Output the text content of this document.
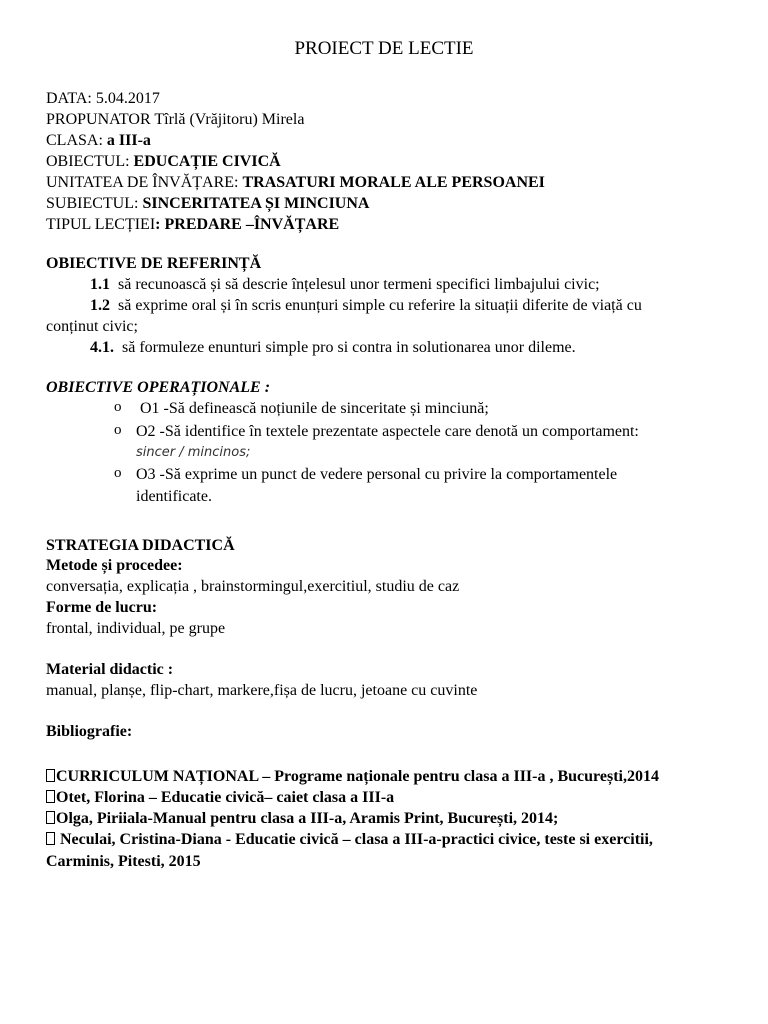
PROIECT DE LECTIE
DATA: 5.04.2017
PROPUNATOR Tîrlă (Vrăjitoru) Mirela
CLASA: a III-a
OBIECTUL: EDUCAȚIE CIVICĂ
UNITATEA DE ÎNVĂȚARE: TRASATURI MORALE ALE PERSOANEI
SUBIECTUL: SINCERITATEA ȘI MINCIUNA
TIPUL LECȚIEI: PREDARE –ÎNVĂȚARE
OBIECTIVE DE REFERINȚĂ
1.1 să recunoască și să descrie înțelesul unor termeni specifici limbajului civic;
1.2 să exprime oral și în scris enunțuri simple cu referire la situații diferite de viață cu
conținut civic;
4.1. să formuleze enunturi simple pro si contra in solutionarea unor dileme.
OBIECTIVE OPERAȚIONALE :
o O1 -Să definească noțiunile de sinceritate și minciună;
o O2 -Să identifice în textele prezentate aspectele care denotă un comportament:
sincer / mincinos;
o O3 -Să exprime un punct de vedere personal cu privire la comportamentele
identificate.
STRATEGIA DIDACTICĂ
Metode și procedee:
conversația, explicația , brainstormingul,exercitiul, studiu de caz
Forme de lucru:
frontal, individual, pe grupe
Material didactic :
manual, planșe, flip-chart, markere,fișa de lucru, jetoane cu cuvinte
Bibliografie:
CURRICULUM NAȚIONAL – Programe naționale pentru clasa a III-a , București,2014
Otet, Florina – Educatie civică– caiet clasa a III-a
Olga, Piriiala-Manual pentru clasa a III-a, Aramis Print, București, 2014;
Neculai, Cristina-Diana - Educatie civică – clasa a III-a-practici civice, teste si exercitii,
Carminis, Pitesti, 2015
